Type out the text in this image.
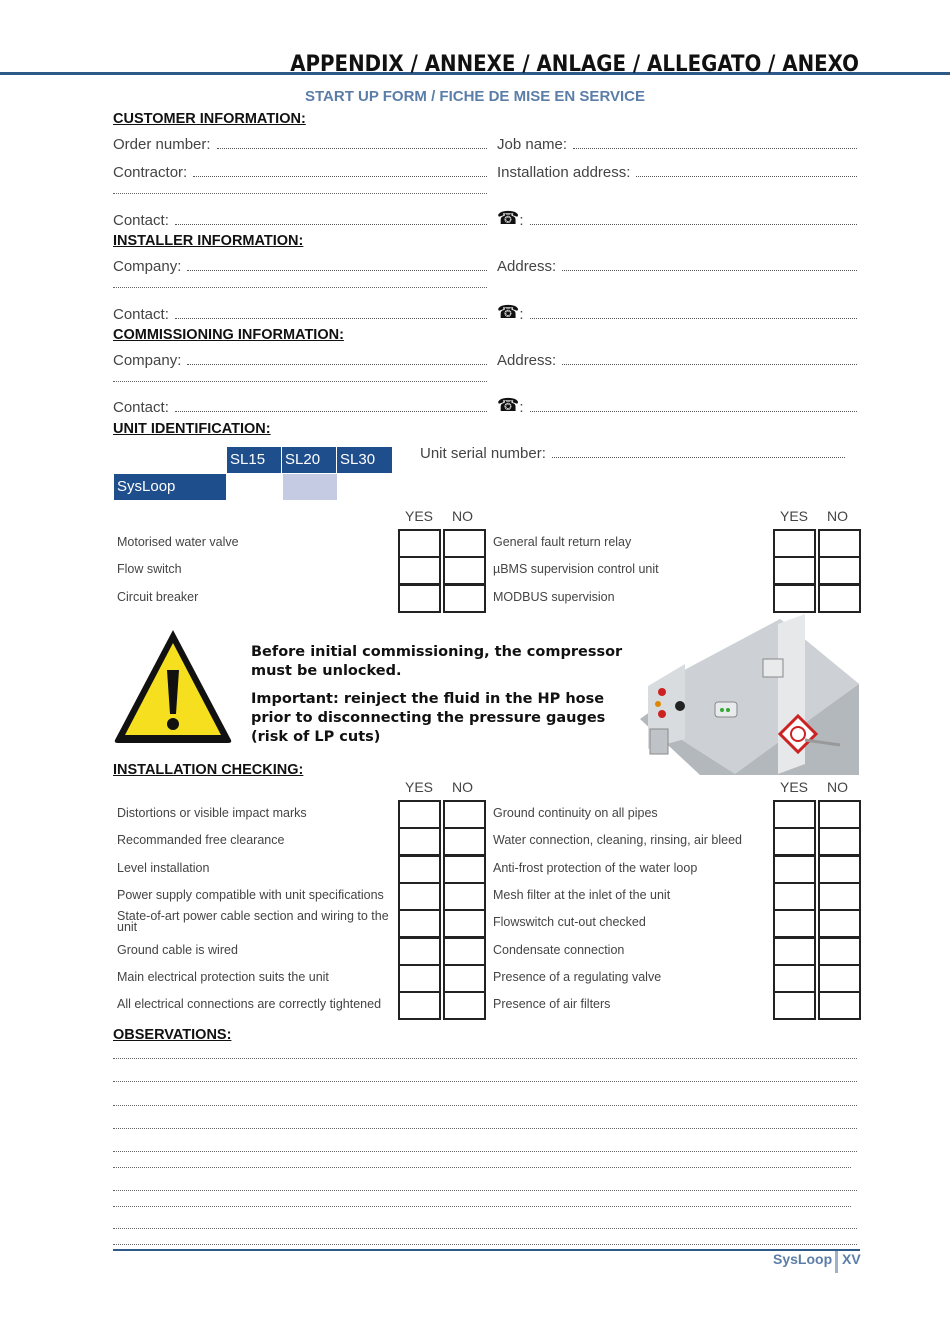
APPENDIX / ANNEXE / ANLAGE / ALLEGATO / ANEXO
START UP FORM / FICHE DE MISE EN SERVICE
CUSTOMER INFORMATION:
Order number:	Job name:
Contractor:	Installation address:
Contact:	☎ :
INSTALLER INFORMATION:
Company:	Address:
Contact:	☎ :
COMMISSIONING INFORMATION:
Company:	Address:
Contact:	☎ :
UNIT IDENTIFICATION:
SL15	SL20	SL30
SysLoop
Unit serial number:
YES NO	YES NO
Motorised water valve	General fault return relay
Flow switch	µBMS supervision control unit
Circuit breaker	MODBUS supervision
Before initial commissioning, the compressor must be unlocked.
Important: reinject the fluid in the HP hose prior to disconnecting the pressure gauges (risk of LP cuts)
INSTALLATION CHECKING:
YES NO	YES NO
Distortions or visible impact marks	Ground continuity on all pipes
Recommanded free clearance	Water connection, cleaning, rinsing, air bleed
Level installation	Anti-frost protection of the water loop
Power supply compatible with unit specifications	Mesh filter at the inlet of the unit
State-of-art power cable section and wiring to the unit	Flowswitch cut-out checked
Ground cable is wired	Condensate connection
Main electrical protection suits the unit	Presence of a regulating valve
All electrical connections are correctly tightened	Presence of air filters
OBSERVATIONS:
SysLoop XV
